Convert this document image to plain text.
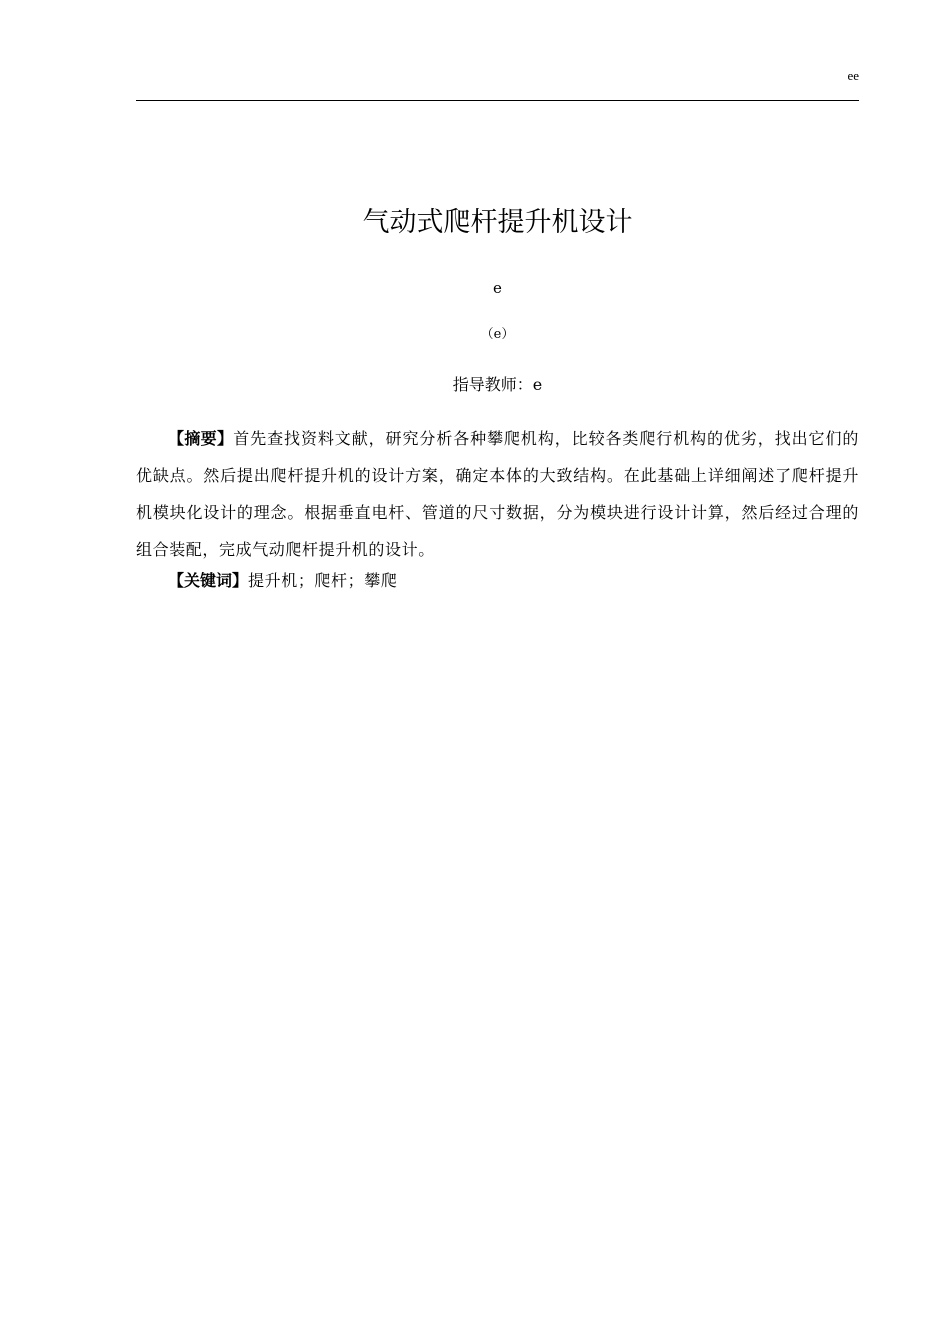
ee
气动式爬杆提升机设计
e
（e）
指导教师：e

【摘要】首先查找资料文献，研究分析各种攀爬机构，比较各类爬行机构的优劣，找出它们的优缺点。然后提出爬杆提升机的设计方案，确定本体的大致结构。在此基础上详细阐述了爬杆提升机模块化设计的理念。根据垂直电杆、管道的尺寸数据，分为模块进行设计计算，然后经过合理的组合装配，完成气动爬杆提升机的设计。

【关键词】提升机；爬杆；攀爬
